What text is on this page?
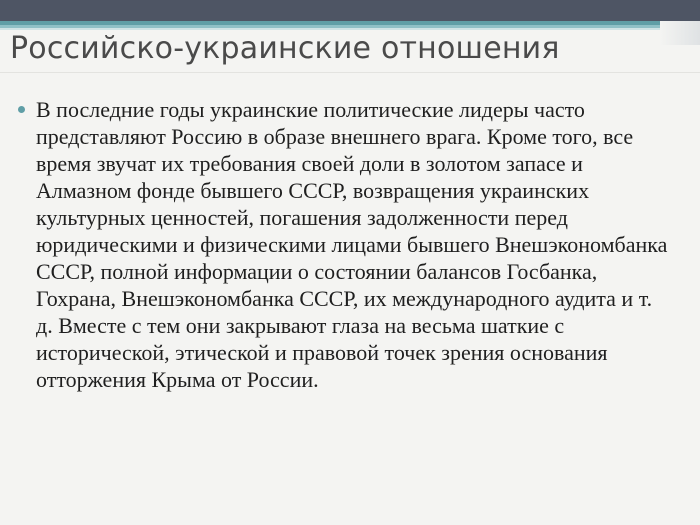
Российско-украинские отношения
В последние годы украинские политические лидеры часто представляют Россию в образе внешнего врага. Кроме того, все время звучат их требования своей доли в золотом запасе и Алмазном фонде бывшего СССР, возвращения украинских культурных ценностей, погашения задолженности перед юридическими и физическими лицами бывшего Внешэкономбанка СССР, полной информации о состоянии балансов Госбанка, Гохрана, Внешэкономбанка СССР, их международного аудита и т. д. Вместе с тем они закрывают глаза на весьма шаткие с исторической, этической и правовой точек зрения основания отторжения Крыма от России.
